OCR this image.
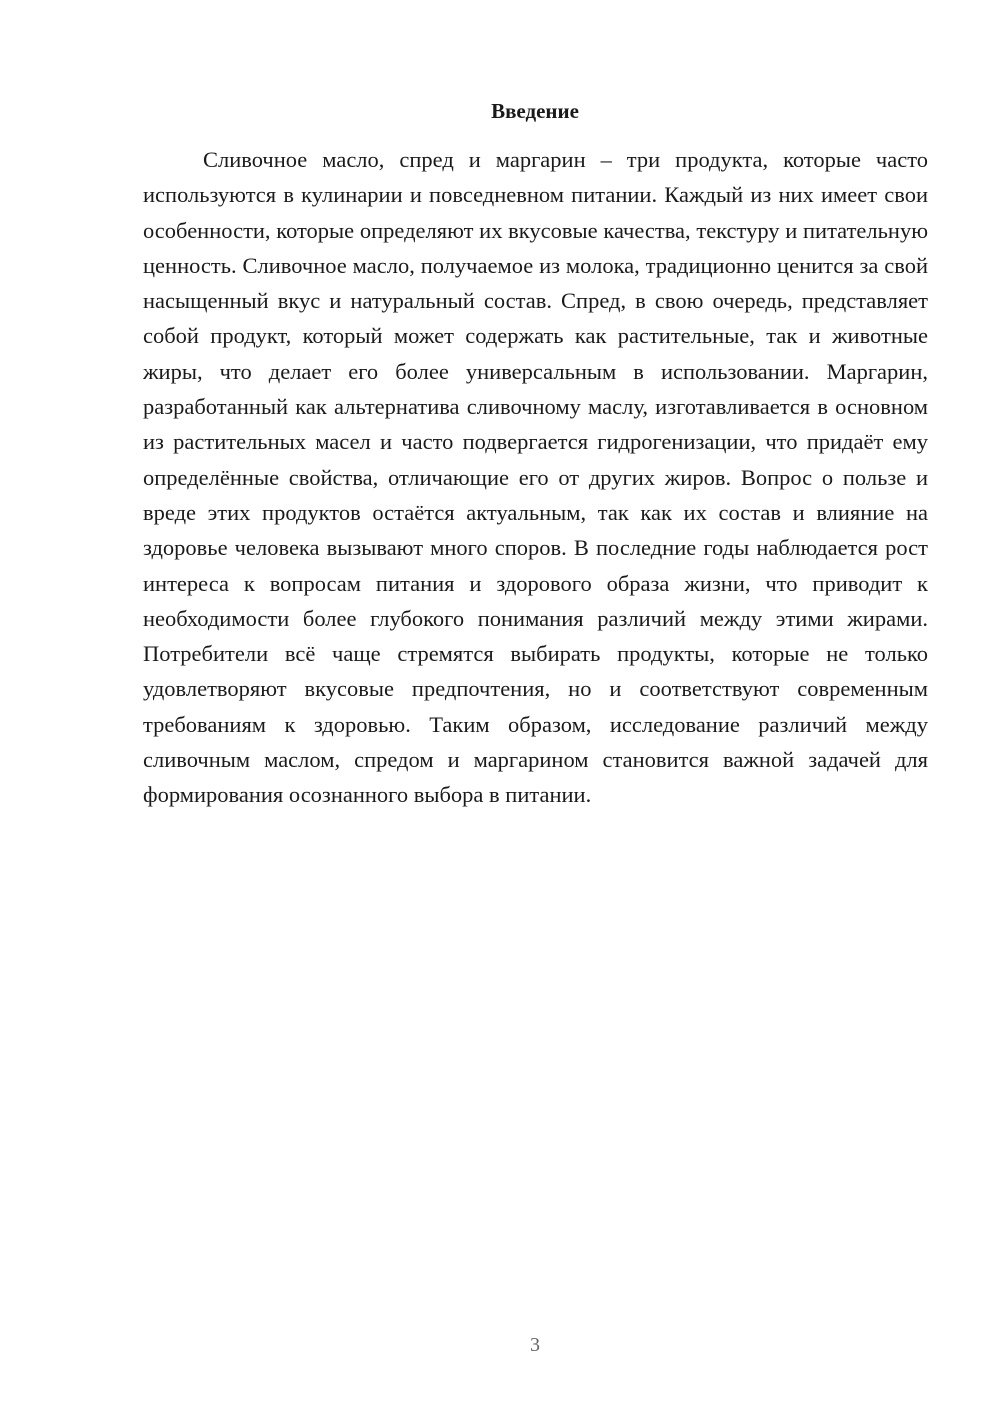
Введение

Сливочное масло, спред и маргарин – три продукта, которые часто используются в кулинарии и повседневном питании. Каждый из них имеет свои особенности, которые определяют их вкусовые качества, текстуру и питательную ценность. Сливочное масло, получаемое из молока, традиционно ценится за свой насыщенный вкус и натуральный состав. Спред, в свою очередь, представляет собой продукт, который может содержать как растительные, так и животные жиры, что делает его более универсальным в использовании. Маргарин, разработанный как альтернатива сливочному маслу, изготавливается в основном из растительных масел и часто подвергается гидрогенизации, что придаёт ему определённые свойства, отличающие его от других жиров. Вопрос о пользе и вреде этих продуктов остаётся актуальным, так как их состав и влияние на здоровье человека вызывают много споров. В последние годы наблюдается рост интереса к вопросам питания и здорового образа жизни, что приводит к необходимости более глубокого понимания различий между этими жирами. Потребители всё чаще стремятся выбирать продукты, которые не только удовлетворяют вкусовые предпочтения, но и соответствуют современным требованиям к здоровью. Таким образом, исследование различий между сливочным маслом, спредом и маргарином становится важной задачей для формирования осознанного выбора в питании.

3
